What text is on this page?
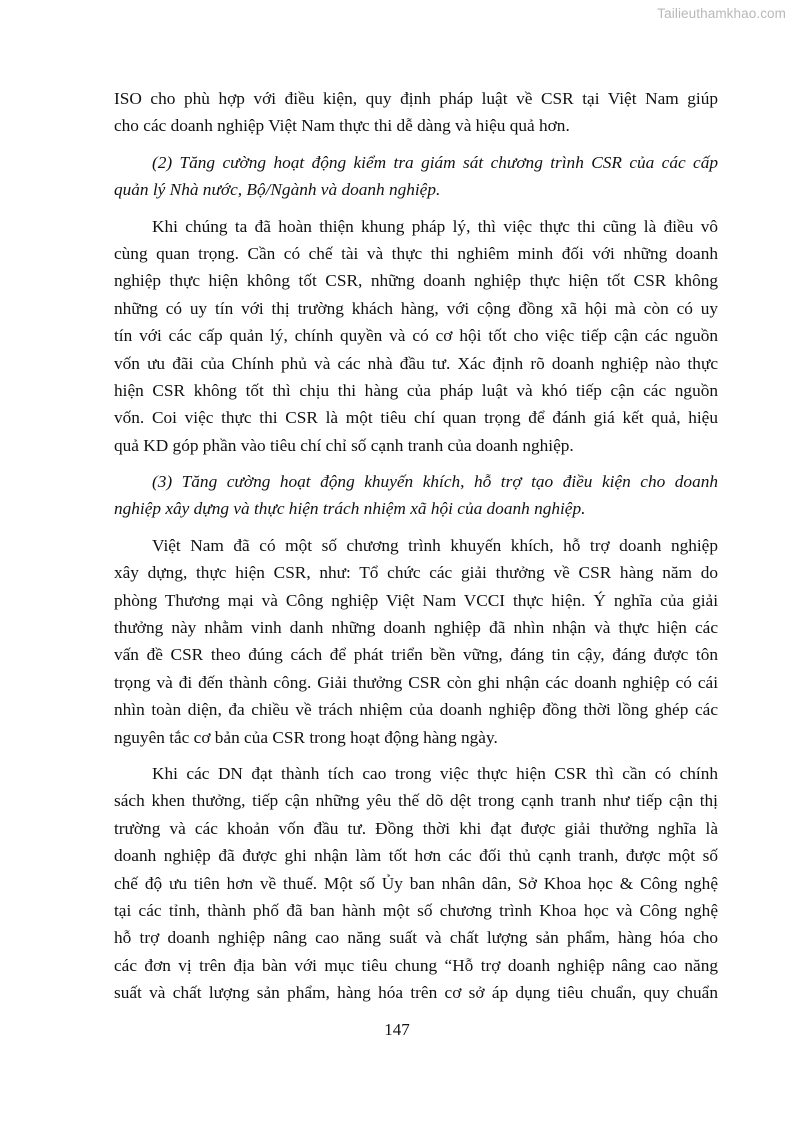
Tailieuthamkhao.com
ISO cho phù hợp với điều kiện, quy định pháp luật về CSR tại Việt Nam giúp
cho các doanh nghiệp Việt Nam thực thi dễ dàng và hiệu quả hơn.
(2) Tăng cường hoạt động kiểm tra giám sát chương trình CSR của các cấp
quản lý Nhà nước, Bộ/Ngành và doanh nghiệp.
Khi chúng ta đã hoàn thiện khung pháp lý, thì việc thực thi cũng là điều vô
cùng quan trọng. Cần có chế tài và thực thi nghiêm minh đối với những doanh
nghiệp thực hiện không tốt CSR, những doanh nghiệp thực hiện tốt CSR không
những có uy tín với thị trường khách hàng, với cộng đồng xã hội mà còn có uy
tín với các cấp quản lý, chính quyền và có cơ hội tốt cho việc tiếp cận các nguồn
vốn ưu đãi của Chính phủ và các nhà đầu tư. Xác định rõ doanh nghiệp nào thực
hiện CSR không tốt thì chịu thi hàng của pháp luật và khó tiếp cận các nguồn
vốn. Coi việc thực thi CSR là một tiêu chí quan trọng để đánh giá kết quả, hiệu
quả KD góp phần vào tiêu chí chỉ số cạnh tranh của doanh nghiệp.
(3) Tăng cường hoạt động khuyến khích, hỗ trợ tạo điều kiện cho doanh
nghiệp xây dựng và thực hiện trách nhiệm xã hội của doanh nghiệp.
Việt Nam đã có một số chương trình khuyến khích, hỗ trợ doanh nghiệp
xây dựng, thực hiện CSR, như: Tổ chức các giải thưởng về CSR hàng năm do
phòng Thương mại và Công nghiệp Việt Nam VCCI thực hiện. Ý nghĩa của giải
thưởng này nhằm vinh danh những doanh nghiệp đã nhìn nhận và thực hiện các
vấn đề CSR theo đúng cách để phát triển bền vững, đáng tin cậy, đáng được tôn
trọng và đi đến thành công. Giải thưởng CSR còn ghi nhận các doanh nghiệp có cái
nhìn toàn diện, đa chiều về trách nhiệm của doanh nghiệp đồng thời lồng ghép các
nguyên tắc cơ bản của CSR trong hoạt động hàng ngày.
Khi các DN đạt thành tích cao trong việc thực hiện CSR thì cần có chính
sách khen thưởng, tiếp cận những yêu thế dõ dệt trong cạnh tranh như tiếp cận thị
trường và các khoản vốn đầu tư. Đồng thời khi đạt được giải thưởng nghĩa là
doanh nghiệp đã được ghi nhận làm tốt hơn các đối thủ cạnh tranh, được một số
chế độ ưu tiên hơn về thuế. Một số Ủy ban nhân dân, Sở Khoa học & Công nghệ
tại các tỉnh, thành phố đã ban hành một số chương trình Khoa học và Công nghệ
hỗ trợ doanh nghiệp nâng cao năng suất và chất lượng sản phẩm, hàng hóa cho
các đơn vị trên địa bàn với mục tiêu chung “Hỗ trợ doanh nghiệp nâng cao năng
suất và chất lượng sản phẩm, hàng hóa trên cơ sở áp dụng tiêu chuẩn, quy chuẩn
147
